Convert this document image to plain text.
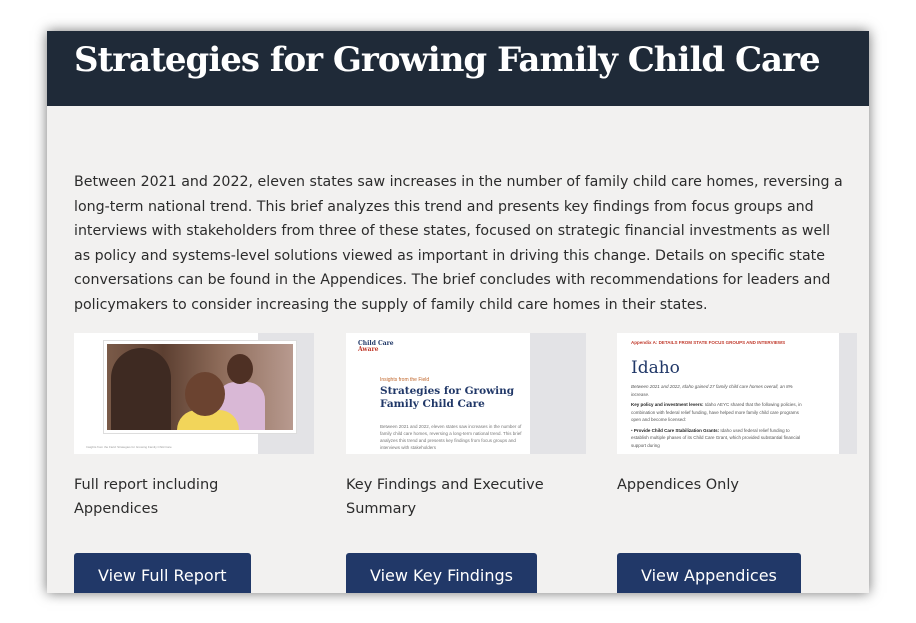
Strategies for Growing Family Child Care

Between 2021 and 2022, eleven states saw increases in the number of family child care homes, reversing a long-term national trend. This brief analyzes this trend and presents key findings from focus groups and interviews with stakeholders from three of these states, focused on strategic financial investments as well as policy and systems-level solutions viewed as important in driving this change. Details on specific state conversations can be found in the Appendices. The brief concludes with recommendations for leaders and policymakers to consider increasing the supply of family child care homes in their states.

Insights from the Field: Strategies for Growing Family Child Care

Full report including Appendices

View Full Report
Child Care
Aware
Insights from the Field
Strategies for Growing Family Child Care
Between 2021 and 2022, eleven states saw increases in the number of family child care homes, reversing a long-term national trend. This brief analyzes this trend and presents key findings from focus groups and interviews with stakeholders

Key Findings and Executive Summary

View Key Findings
Appendix A: DETAILS FROM STATE FOCUS GROUPS AND INTERVIEWS
Idaho
Between 2021 and 2022, Idaho gained 27 family child care homes overall, an 8% increase.
Key policy and investment levers: Idaho AEYC shared that the following policies, in combination with federal relief funding, have helped more family child care programs open and become licensed:
• Provide Child Care Stabilization Grants: Idaho used federal relief funding to establish multiple phases of its Child Care Grant, which provided substantial financial support during

Appendices Only

View Appendices
